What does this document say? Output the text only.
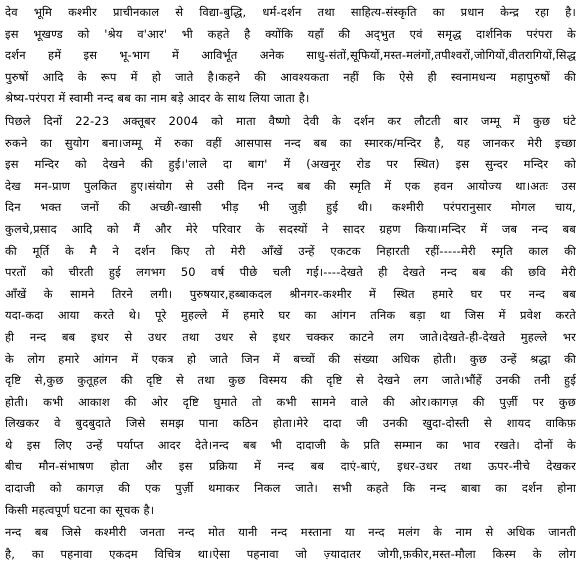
देव भूमि कश्मीर प्राचीनकाल से विद्या-बुद्धि, धर्म-दर्शन तथा साहित्य-संस्कृति का प्रधान केन्द्र रहा है।
इस भूखण्ड को 'श्रेय व'आर' भी कहते है क्योंकि यहाँ की अद्‌भुत एवं समृद्ध दार्शनिक परंपरा के
दर्शन हमें इस भू-भाग में आविर्भूत अनेक साधु-संतों,सूफियों,मस्त-मलंगों,तपीश्वरों,जोगियों,वीतरागियों,सिद्ध
पुरुषों आदि के रूप में हो जाते है।कहने की आवश्यकता नहीं कि ऐसे ही स्वनामधन्य महापुरुषों की
श्रेष्य-परंपरा में स्वामी नन्द बब का नाम बड़े आदर के साथ लिया जाता है।
पिछले दिनों 22-23 अक्तूबर 2004 को माता वैष्णो देवी के दर्शन कर लौटती बार जम्मू में कुछ घंटे
रुकने का सुयोग बना।जम्मू में रुका वहीं आसपास नन्द बब का स्मारक/मन्दिर है, यह जानकर मेरी इच्छा
इस मन्दिर को देखने की हुई।'लाले दा बाग' में (अखनूर रोड पर स्थित) इस सुन्दर मन्दिर को
देख मन-प्राण पुलकित हुए।संयोग से उसी दिन नन्द बब की स्मृति में एक हवन आयोज्य था।अतः उस
दिन भक्त जनों की अच्छी-खासी भीड़ भी जुड़ी हुई थी। कश्मीरी परंपरानुसार मोगल चाय,
कुलचे,प्रसाद आदि को मैं और मेरे परिवार के सदस्यों ने सादर ग्रहण किया।मन्दिर में जब नन्द बब
की मूर्ति के मै ने दर्शन किए तो मेरी आँखें उन्हें एकटक निहारती रहीं-----मेरी स्मृति काल की
परतों को चीरती हुई लगभग 50 वर्ष पीछे चली गई।----देखते ही देखते नन्द बब की छवि मेरी
आँखें के सामने तिरने लगी। पुरुषयार,हब्बाकदल श्रीनगर-कश्मीर में स्थित हमारे घर पर नन्द बब
यदा-कदा आया करते थे। पूरे मुहल्ले में हमारे घर का आंगन तनिक बड़ा था जिस में प्रवेश करते
ही नन्द बब इधर से उधर तथा उधर से इधर चक्कर काटने लग जाते।देखते-ही-देखते मुहल्ले भर
के लोग हमारे आंगन में एकत्र हो जाते जिन में बच्चों की संख्या अधिक होती। कुछ उन्हें श्रद्धा की
दृष्टि से,कुछ कुतूहल की दृष्टि से तथा कुछ विस्मय की दृष्टि से देखने लग जाते।भौंहें उनकी तनी हुई
होती। कभी आकाश की ओर दृष्टि घुमाते तो कभी सामने वाले की ओर।कागज़ की पुर्ज़ी पर कुछ
लिखकर वे बुदबुदाते जिसे समझ पाना कठिन होता।मेरे दादा जी उनकी खुदा-दोस्ती से शायद वाकिफ़
थे इस लिए उन्हें पर्याप्त आदर देते।नन्द बब भी दादाजी के प्रति सम्मान का भाव रखते। दोनों के
बीच मौन-संभाषण होता और इस प्रक्रिया में नन्द बब दाएं-बाएं, इधर-उधर तथा ऊपर-नीचे देखकर
दादाजी को कागज़ की एक पुर्ज़ी थमाकर निकल जाते। सभी कहते कि नन्द बाबा का दर्शन होना
किसी महत्वपूर्ण घटना का सूचक है।
नन्द बब जिसे कश्मीरी जनता नन्द मोत यानी नन्द मस्ताना या नन्द मलंग के नाम से अधिक जानती
है, का पहनावा एकदम विचित्र था।ऐसा पहनावा जो ज़्यादातर जोगी,फ़कीर,मस्त-मौला किस्म के लोग
